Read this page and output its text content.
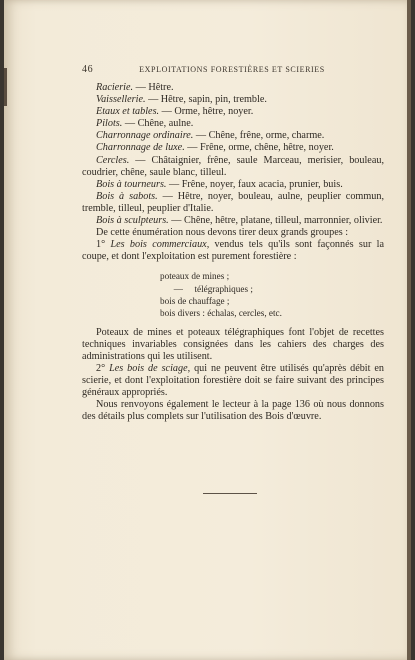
46	EXPLOITATIONS FORESTIÈRES ET SCIERIES
Racierie. — Hêtre.
Vaissellerie. — Hêtre, sapin, pin, tremble.
Etaux et tables. — Orme, hêtre, noyer.
Pilots. — Chêne, aulne.
Charronnage ordinaire. — Chêne, frêne, orme, charme.
Charronnage de luxe. — Frêne, orme, chêne, hêtre, noyer.
Cercles. — Châtaignier, frêne, saule Marceau, merisier, bouleau, coudrier, chêne, saule blanc, tilleul.
Bois à tourneurs. — Frêne, noyer, faux acacia, prunier, buis.
Bois à sabots. — Hêtre, noyer, bouleau, aulne, peuplier commun, tremble, tilleul, peuplier d'Italie.
Bois à sculpteurs. — Chêne, hêtre, platane, tilleul, marronnier, olivier.
De cette énumération nous devons tirer deux grands groupes :
1° Les bois commerciaux, vendus tels qu'ils sont façonnés sur la coupe, et dont l'exploitation est purement forestière :
poteaux de mines ;
—     télégraphiques ;
bois de chauffage ;
bois divers : échalas, cercles, etc.
Poteaux de mines et poteaux télégraphiques font l'objet de recettes techniques invariables consignées dans les cahiers des charges des administrations qui les utilisent.
2° Les bois de sciage, qui ne peuvent être utilisés qu'après débit en scierie, et dont l'exploitation forestière doit se faire suivant des principes généraux appropriés.
Nous renvoyons également le lecteur à la page 136 où nous donnons des détails plus complets sur l'utilisation des Bois d'œuvre.
